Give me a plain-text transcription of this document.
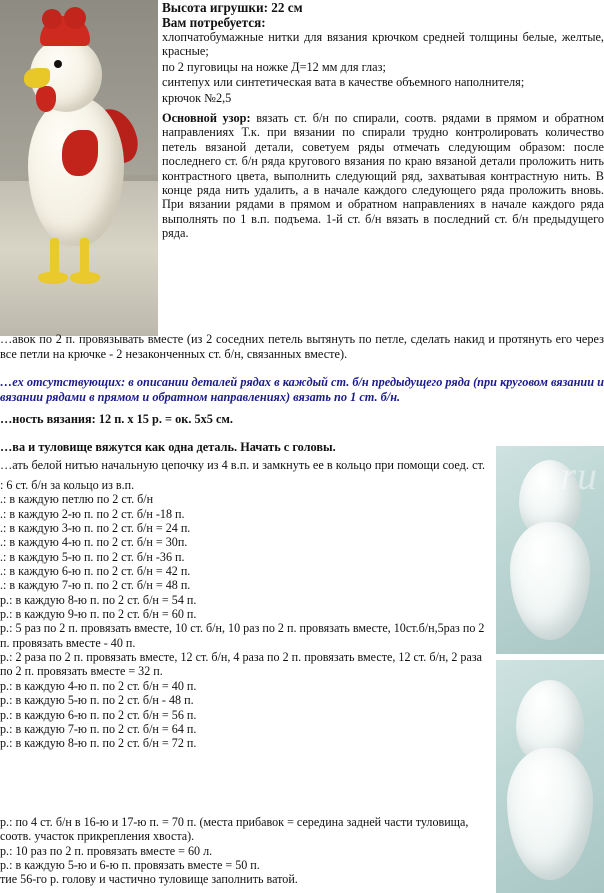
ru
Высота игрушки: 22 см
Вам потребуется:
хлопчатобумажные нитки для вязания крючком средней толщины белые, желтые, красные;
по 2 пуговицы на ножке Д=12 мм для глаз;
синтепух или синтетическая вата в качестве объемного наполнителя;
крючок №2,5
Основной узор: вязать ст. б/н по спирали, соотв. рядами в прямом и обратном направлениях Т.к. при вязании по спирали трудно контролировать количество петель вязаной детали, советуем ряды отмечать следующим образом: после последнего ст. б/н ряда кругового вязания по краю вязаной детали проложить нить контрастного цвета, выполнить следующий ряд, захватывая контрастную нить. В конце ряда нить удалить, а в начале каждого следующего ряда проложить вновь. При вязании рядами в прямом и обратном направлениях в начале каждого ряда выполнять по 1 в.п. подъема. 1-й ст. б/н вязать в последний ст. б/н предыдущего ряда.
…авок по 2 п. провязывать вместе (из 2 соседних петель вытянуть по петле, сделать накид и протянуть его через все петли на крючке - 2 незаконченных ст. б/н, связанных вместе).
…ех отсутствующих: в описании деталей рядах в каждый ст. б/н предыдущего ряда (при круговом вязании и вязании рядами в прямом и обратном направлениях) вязать по 1 ст. б/н.
…ность вязания: 12 п. х 15 р. = ок. 5х5 см.
…ва и туловище вяжутся как одна деталь. Начать с головы.
…ать белой нитью начальную цепочку из 4 в.п. и замкнуть ее в кольцо при помощи соед. ст.
: 6 ст. б/н за кольцо из в.п.
.: в каждую петлю по 2 ст. б/н
.: в каждую 2-ю п. по 2 ст. б/н -18 п.
.: в каждую 3-ю п. по 2 ст. б/н = 24 п.
.: в каждую 4-ю п. по 2 ст. б/н = 30п.
.: в каждую 5-ю п. по 2 ст. б/н -36 п.
.: в каждую 6-ю п. по 2 ст. б/н = 42 п.
.: в каждую 7-ю п. по 2 ст. б/н = 48 п.
р.: в каждую 8-ю п. по 2 ст. б/н = 54 п.
р.: в каждую 9-ю п. по 2 ст. б/н = 60 п.
р.: 5 раз по 2 п. провязать вместе, 10 ст. б/н, 10 раз по 2 п. провязать вместе, 10ст.б/н,5раз по 2 п. провязать вместе - 40 п.
р.: 2 раза по 2 п. провязать вместе, 12 ст. б/н, 4 раза по 2 п. провязать вместе, 12 ст. б/н, 2 раза по 2 п. провязать вместе = 32 п.
р.: в каждую 4-ю п. по 2 ст. б/н = 40 п.
р.: в каждую 5-ю п. по 2 ст. б/н - 48 п.
р.: в каждую 6-ю п. по 2 ст. б/н = 56 п.
р.: в каждую 7-ю п. по 2 ст. б/н = 64 п.
р.: в каждую 8-ю п. по 2 ст. б/н = 72 п.
р.: по 4 ст. б/н в 16-ю и 17-ю п. = 70 п. (места прибавок = середина задней части туловища, соотв. участок прикрепления хвоста).
р.: 10 раз по 2 п. провязать вместе = 60 л.
р.: в каждую 5-ю и 6-ю п. провязать вместе = 50 п.
тие 56-го р. голову и частично туловище заполнить ватой.
